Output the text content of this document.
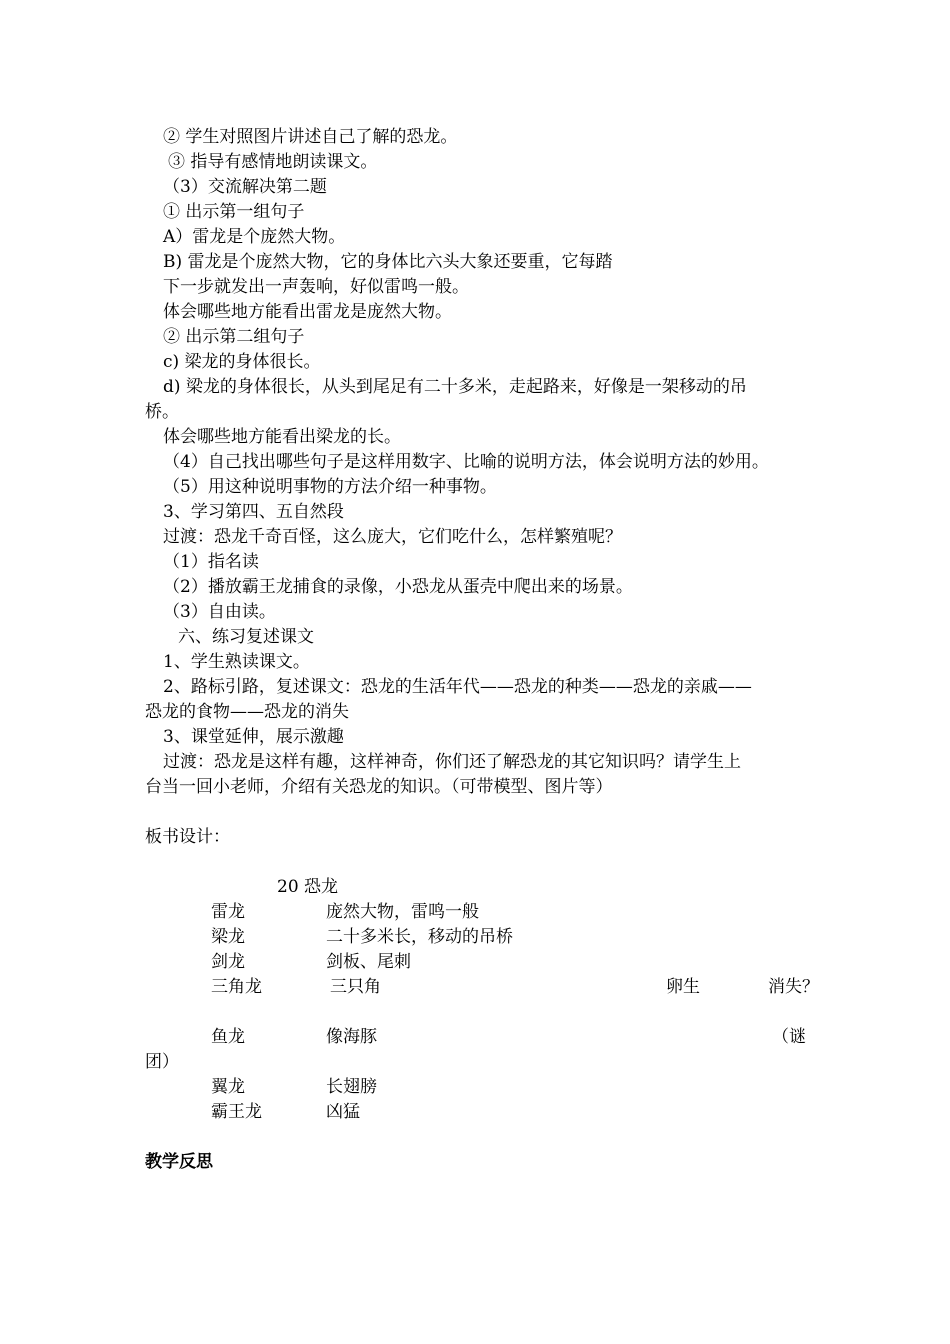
② 学生对照图片讲述自己了解的恐龙。
③ 指导有感情地朗读课文。
（3）交流解决第二题
① 出示第一组句子
A）雷龙是个庞然大物。
B) 雷龙是个庞然大物，它的身体比六头大象还要重，它每踏
下一步就发出一声轰响，好似雷鸣一般。
体会哪些地方能看出雷龙是庞然大物。
② 出示第二组句子
c) 梁龙的身体很长。
d) 梁龙的身体很长，从头到尾足有二十多米，走起路来，好像是一架移动的吊
桥。
体会哪些地方能看出梁龙的长。
（4）自己找出哪些句子是这样用数字、比喻的说明方法，体会说明方法的妙用。
（5）用这种说明事物的方法介绍一种事物。
3、学习第四、五自然段
过渡：恐龙千奇百怪，这么庞大，它们吃什么，怎样繁殖呢？
（1）指名读
（2）播放霸王龙捕食的录像，小恐龙从蛋壳中爬出来的场景。
（3）自由读。
六、练习复述课文
1、学生熟读课文。
2、路标引路，复述课文：恐龙的生活年代——恐龙的种类——恐龙的亲戚——
恐龙的食物——恐龙的消失
3、课堂延伸，展示激趣
过渡：恐龙是这样有趣，这样神奇，你们还了解恐龙的其它知识吗？请学生上
台当一回小老师，介绍有关恐龙的知识。（可带模型、图片等）
板书设计：
20 恐龙
雷龙	庞然大物，雷鸣一般
梁龙	二十多米长，移动的吊桥
剑龙	剑板、尾刺
三角龙	三只角	卵生	消失？
鱼龙	像海豚	（谜
团）
翼龙	长翅膀
霸王龙	凶猛
教学反思
